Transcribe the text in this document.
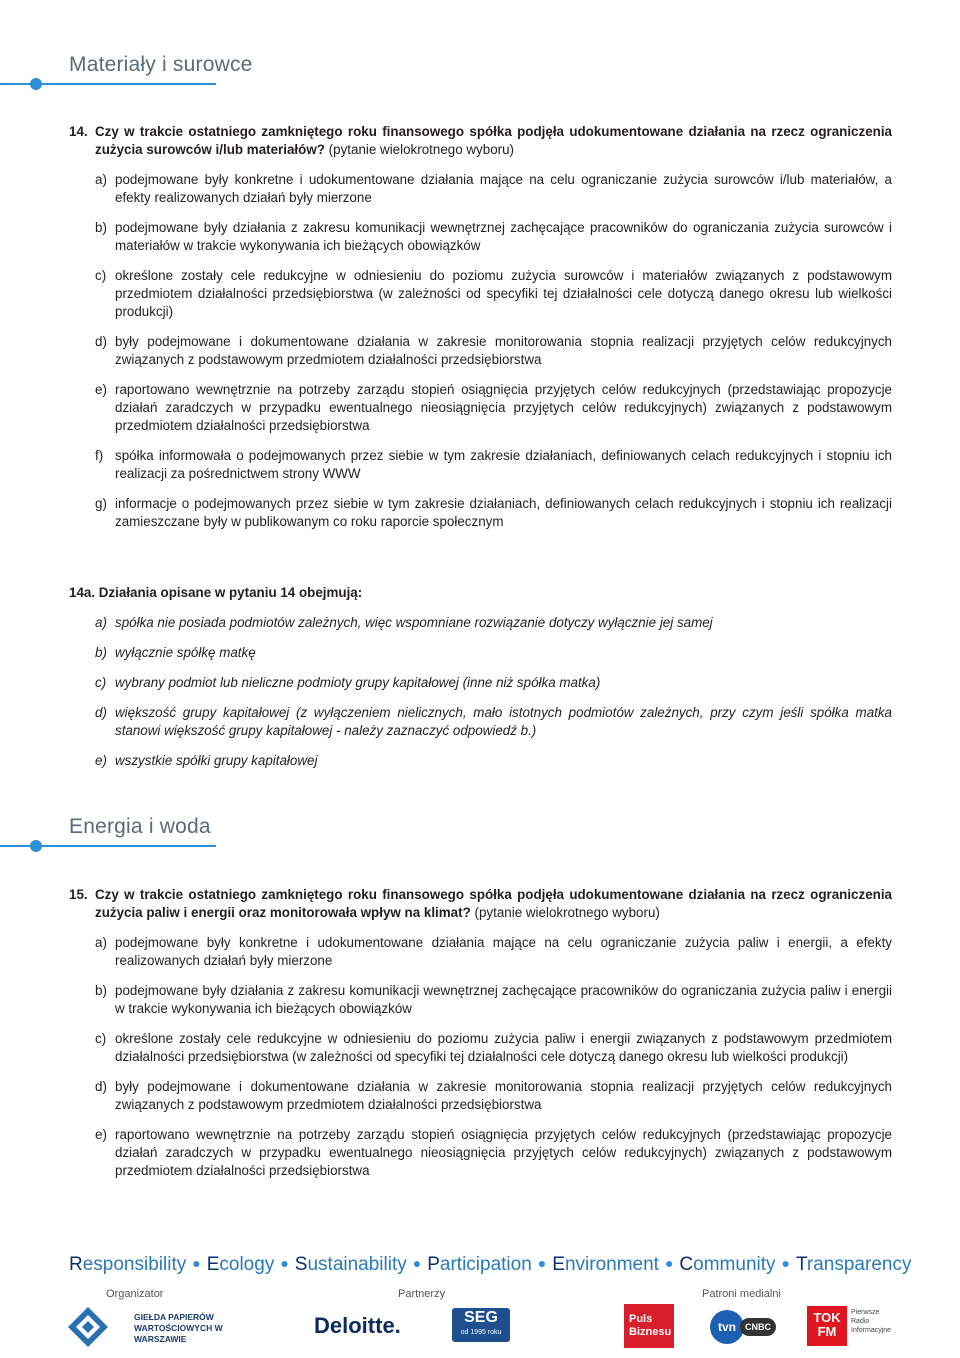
Materiały i surowce
14. Czy w trakcie ostatniego zamkniętego roku finansowego spółka podjęła udokumentowane działania na rzecz ograniczenia zużycia surowców i/lub materiałów? (pytanie wielokrotnego wyboru)
a) podejmowane były konkretne i udokumentowane działania mające na celu ograniczanie zużycia surowców i/lub materiałów, a efekty realizowanych działań były mierzone
b) podejmowane były działania z zakresu komunikacji wewnętrznej zachęcające pracowników do ograniczania zużycia surowców i materiałów w trakcie wykonywania ich bieżących obowiązków
c) określone zostały cele redukcyjne w odniesieniu do poziomu zużycia surowców i materiałów związanych z podstawowym przedmiotem działalności przedsiębiorstwa (w zależności od specyfiki tej działalności cele dotyczą danego okresu lub wielkości produkcji)
d) były podejmowane i dokumentowane działania w zakresie monitorowania stopnia realizacji przyjętych celów redukcyjnych związanych z podstawowym przedmiotem działalności przedsiębiorstwa
e) raportowano wewnętrznie na potrzeby zarządu stopień osiągnięcia przyjętych celów redukcyjnych (przedstawiając propozycje działań zaradczych w przypadku ewentualnego nieosiągnięcia przyjętych celów redukcyjnych) związanych z podstawowym przedmiotem działalności przedsiębiorstwa
f) spółka informowała o podejmowanych przez siebie w tym zakresie działaniach, definiowanych celach redukcyjnych i stopniu ich realizacji za pośrednictwem strony WWW
g) informacje o podejmowanych przez siebie w tym zakresie działaniach, definiowanych celach redukcyjnych i stopniu ich realizacji zamieszczane były w publikowanym co roku raporcie społecznym
14a. Działania opisane w pytaniu 14 obejmują:
a) spółka nie posiada podmiotów zależnych, więc wspomniane rozwiązanie dotyczy wyłącznie jej samej
b) wyłącznie spółkę matkę
c) wybrany podmiot lub nieliczne podmioty grupy kapitałowej (inne niż spółka matka)
d) większość grupy kapitałowej (z wyłączeniem nielicznych, mało istotnych podmiotów zależnych, przy czym jeśli spółka matka stanowi większość grupy kapitałowej - należy zaznaczyć odpowiedź b.)
e) wszystkie spółki grupy kapitałowej
Energia i woda
15. Czy w trakcie ostatniego zamkniętego roku finansowego spółka podjęła udokumentowane działania na rzecz ograniczenia zużycia paliw i energii oraz monitorowała wpływ na klimat? (pytanie wielokrotnego wyboru)
a) podejmowane były konkretne i udokumentowane działania mające na celu ograniczanie zużycia paliw i energii, a efekty realizowanych działań były mierzone
b) podejmowane były działania z zakresu komunikacji wewnętrznej zachęcające pracowników do ograniczania zużycia paliw i energii w trakcie wykonywania ich bieżących obowiązków
c) określone zostały cele redukcyjne w odniesieniu do poziomu zużycia paliw i energii związanych z podstawowym przedmiotem działalności przedsiębiorstwa (w zależności od specyfiki tej działalności cele dotyczą danego okresu lub wielkości produkcji)
d) były podejmowane i dokumentowane działania w zakresie monitorowania stopnia realizacji przyjętych celów redukcyjnych związanych z podstawowym przedmiotem działalności przedsiębiorstwa
e) raportowano wewnętrznie na potrzeby zarządu stopień osiągnięcia przyjętych celów redukcyjnych (przedstawiając propozycje działań zaradczych w przypadku ewentualnego nieosiągnięcia przyjętych celów redukcyjnych) związanych z podstawowym przedmiotem działalności przedsiębiorstwa
Responsibility ● Ecology ● Sustainability ● Participation ● Environment ● Community ● Transparency
Organizator	Partnerzy	Patroni medialni
GIEŁDA PAPIERÓW WARTOŚCIOWYCH W WARSZAWIE
Deloitte.	SEG
od 1995 roku
Puls Biznesu	tvn	CNBC
TOK
FM
Pierwsze Radio Informacyjne
